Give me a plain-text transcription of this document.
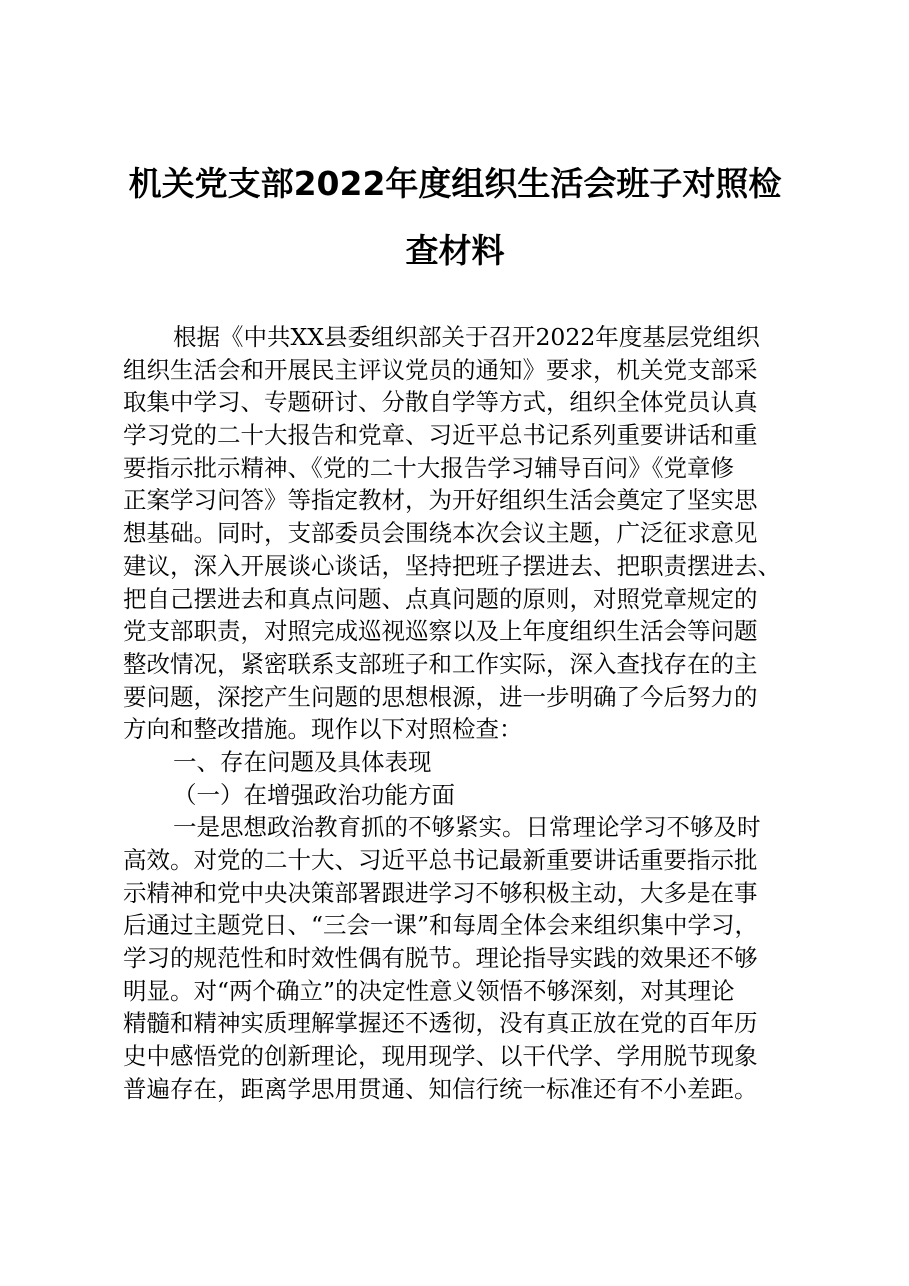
机关党支部2022年度组织生活会班子对照检
查材料
根据《中共XX县委组织部关于召开2022年度基层党组织
组织生活会和开展民主评议党员的通知》要求，机关党支部采
取集中学习、专题研讨、分散自学等方式，组织全体党员认真
学习党的二十大报告和党章、习近平总书记系列重要讲话和重
要指示批示精神、《党的二十大报告学习辅导百问》《党章修
正案学习问答》等指定教材，为开好组织生活会奠定了坚实思
想基础。同时，支部委员会围绕本次会议主题，广泛征求意见
建议，深入开展谈心谈话，坚持把班子摆进去、把职责摆进去、
把自己摆进去和真点问题、点真问题的原则，对照党章规定的
党支部职责，对照完成巡视巡察以及上年度组织生活会等问题
整改情况，紧密联系支部班子和工作实际，深入查找存在的主
要问题，深挖产生问题的思想根源，进一步明确了今后努力的
方向和整改措施。现作以下对照检查：
一、存在问题及具体表现
（一）在增强政治功能方面
一是思想政治教育抓的不够紧实。日常理论学习不够及时
高效。对党的二十大、习近平总书记最新重要讲话重要指示批
示精神和党中央决策部署跟进学习不够积极主动，大多是在事
后通过主题党日、“三会一课”和每周全体会来组织集中学习，
学习的规范性和时效性偶有脱节。理论指导实践的效果还不够
明显。对“两个确立”的决定性意义领悟不够深刻，对其理论
精髓和精神实质理解掌握还不透彻，没有真正放在党的百年历
史中感悟党的创新理论，现用现学、以干代学、学用脱节现象
普遍存在，距离学思用贯通、知信行统一标准还有不小差距。
